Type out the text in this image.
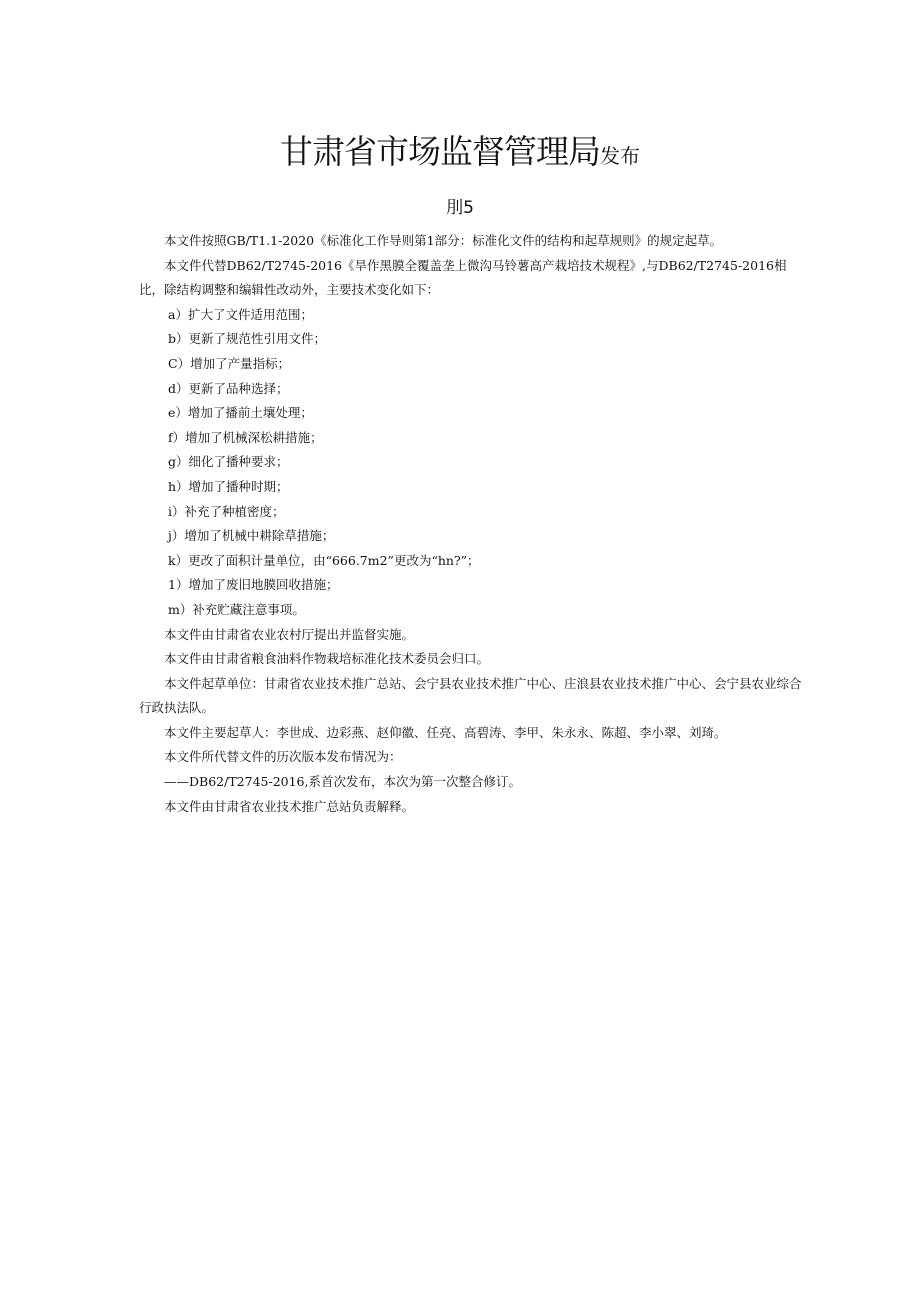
甘肃省市场监督管理局发布
刖5

本文件按照GB/T1.1-2020《标准化工作导则第1部分：标准化文件的结构和起草规则》的规定起草。

本文件代替DB62/T2745-2016《旱作黑膜全覆盖垄上微沟马铃薯高产栽培技术规程》,与DB62/T2745-2016相比，除结构调整和编辑性改动外，主要技术变化如下：

a）扩大了文件适用范围；

b）更新了规范性引用文件；

C）增加了产量指标；

d）更新了品种选择；

e）增加了播前土壤处理；

f）增加了机械深松耕措施；

g）细化了播种要求；

h）增加了播种时期；

i）补充了种植密度；

j）增加了机械中耕除草措施；

k）更改了面积计量单位，由“666.7m2”更改为“hn?”；

1）增加了废旧地膜回收措施；

m）补充贮藏注意事项。

本文件由甘肃省农业农村厅提出并监督实施。

本文件由甘肃省粮食油料作物栽培标准化技术委员会归口。

本文件起草单位：甘肃省农业技术推广总站、会宁县农业技术推广中心、庄浪县农业技术推广中心、会宁县农业综合行政执法队。

本文件主要起草人：李世成、边彩燕、赵仰徽、任亮、高碧涛、李甲、朱永永、陈超、李小翠、刘琦。

本文件所代替文件的历次版本发布情况为：

——DB62/T2745-2016,系首次发布，本次为第一次整合修订。

本文件由甘肃省农业技术推广总站负责解释。
